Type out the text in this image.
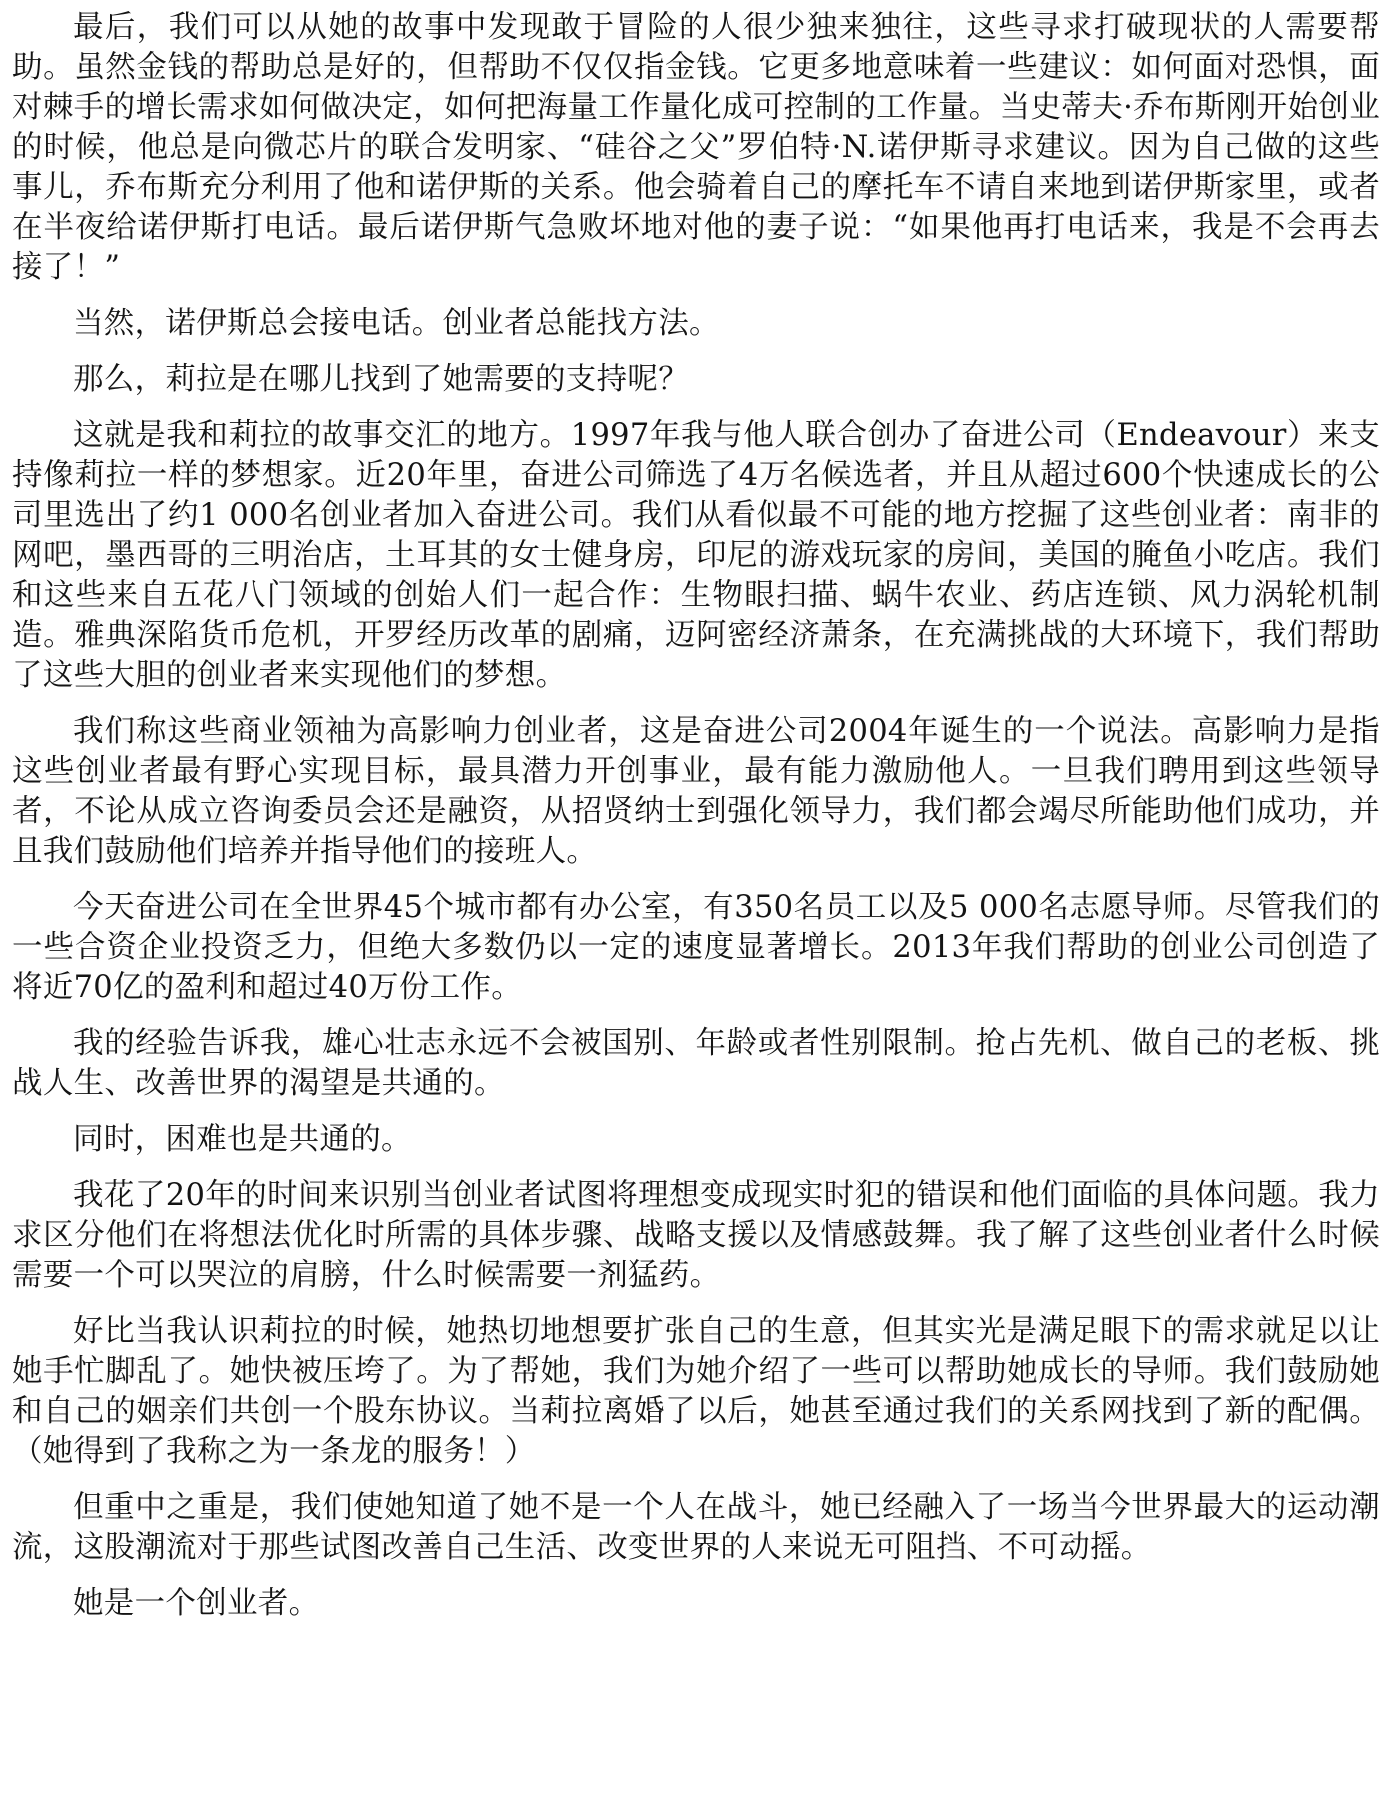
最后，我们可以从她的故事中发现敢于冒险的人很少独来独往，这些寻求打破现状的人需要帮助。虽然金钱的帮助总是好的，但帮助不仅仅指金钱。它更多地意味着一些建议：如何面对恐惧，面对棘手的增长需求如何做决定，如何把海量工作量化成可控制的工作量。当史蒂夫·乔布斯刚开始创业的时候，他总是向微芯片的联合发明家、“硅谷之父”罗伯特·N.诺伊斯寻求建议。因为自己做的这些事儿，乔布斯充分利用了他和诺伊斯的关系。他会骑着自己的摩托车不请自来地到诺伊斯家里，或者在半夜给诺伊斯打电话。最后诺伊斯气急败坏地对他的妻子说：“如果他再打电话来，我是不会再去接了！”

当然，诺伊斯总会接电话。创业者总能找方法。

那么，莉拉是在哪儿找到了她需要的支持呢？

这就是我和莉拉的故事交汇的地方。1997年我与他人联合创办了奋进公司（Endeavour）来支持像莉拉一样的梦想家。近20年里，奋进公司筛选了4万名候选者，并且从超过600个快速成长的公司里选出了约1 000名创业者加入奋进公司。我们从看似最不可能的地方挖掘了这些创业者：南非的网吧，墨西哥的三明治店，土耳其的女士健身房，印尼的游戏玩家的房间，美国的腌鱼小吃店。我们和这些来自五花八门领域的创始人们一起合作：生物眼扫描、蜗牛农业、药店连锁、风力涡轮机制造。雅典深陷货币危机，开罗经历改革的剧痛，迈阿密经济萧条，在充满挑战的大环境下，我们帮助了这些大胆的创业者来实现他们的梦想。

我们称这些商业领袖为高影响力创业者，这是奋进公司2004年诞生的一个说法。高影响力是指这些创业者最有野心实现目标，最具潜力开创事业，最有能力激励他人。一旦我们聘用到这些领导者，不论从成立咨询委员会还是融资，从招贤纳士到强化领导力，我们都会竭尽所能助他们成功，并且我们鼓励他们培养并指导他们的接班人。

今天奋进公司在全世界45个城市都有办公室，有350名员工以及5 000名志愿导师。尽管我们的一些合资企业投资乏力，但绝大多数仍以一定的速度显著增长。2013年我们帮助的创业公司创造了将近70亿的盈利和超过40万份工作。

我的经验告诉我，雄心壮志永远不会被国别、年龄或者性别限制。抢占先机、做自己的老板、挑战人生、改善世界的渴望是共通的。

同时，困难也是共通的。

我花了20年的时间来识别当创业者试图将理想变成现实时犯的错误和他们面临的具体问题。我力求区分他们在将想法优化时所需的具体步骤、战略支援以及情感鼓舞。我了解了这些创业者什么时候需要一个可以哭泣的肩膀，什么时候需要一剂猛药。

好比当我认识莉拉的时候，她热切地想要扩张自己的生意，但其实光是满足眼下的需求就足以让她手忙脚乱了。她快被压垮了。为了帮她，我们为她介绍了一些可以帮助她成长的导师。我们鼓励她和自己的姻亲们共创一个股东协议。当莉拉离婚了以后，她甚至通过我们的关系网找到了新的配偶。（她得到了我称之为一条龙的服务！）

但重中之重是，我们使她知道了她不是一个人在战斗，她已经融入了一场当今世界最大的运动潮流，这股潮流对于那些试图改善自己生活、改变世界的人来说无可阻挡、不可动摇。

她是一个创业者。
